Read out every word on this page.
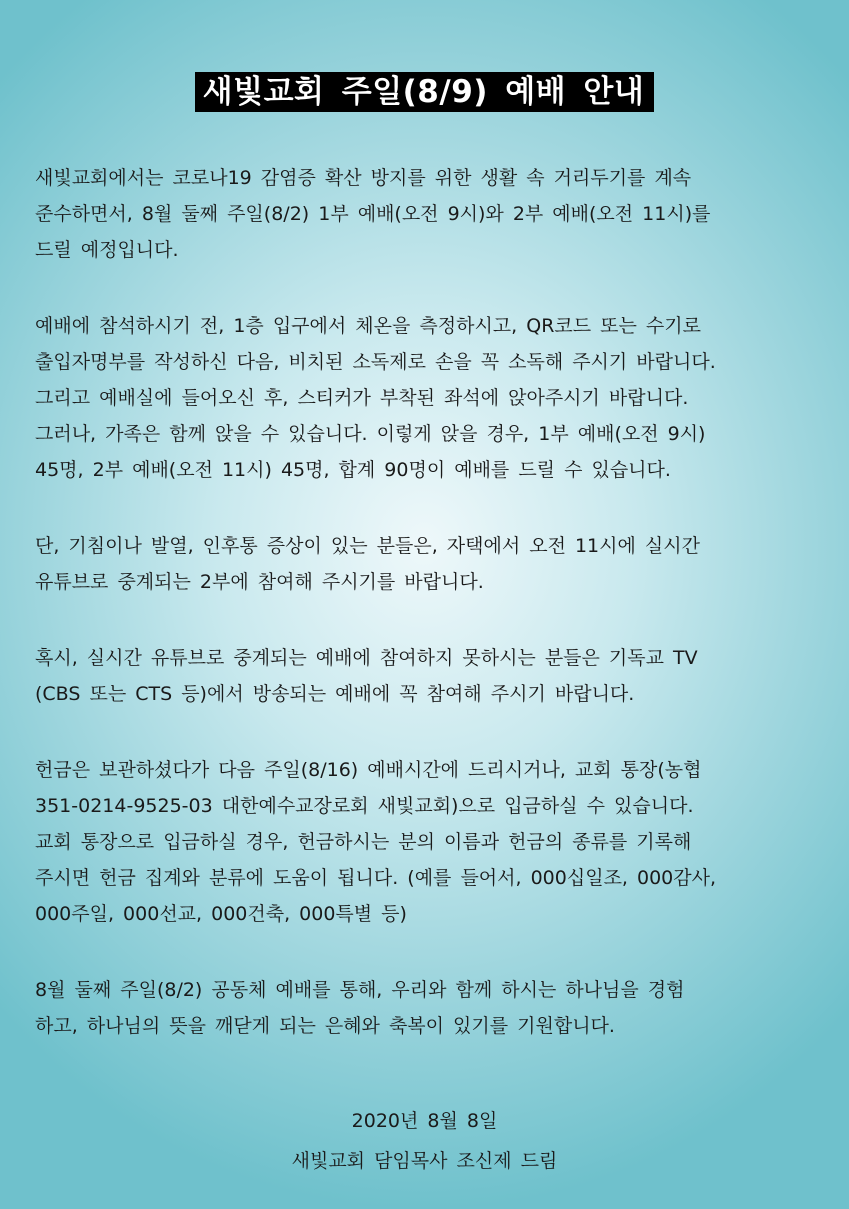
새빛교회 주일(8/9) 예배 안내
새빛교회에서는 코로나19 감염증 확산 방지를 위한 생활 속 거리두기를 계속
준수하면서, 8월 둘째 주일(8/2) 1부 예배(오전 9시)와 2부 예배(오전 11시)를
드릴 예정입니다.
예배에 참석하시기 전, 1층 입구에서 체온을 측정하시고, QR코드 또는 수기로
출입자명부를 작성하신 다음, 비치된 소독제로 손을 꼭 소독해 주시기 바랍니다.
그리고 예배실에 들어오신 후, 스티커가 부착된 좌석에 앉아주시기 바랍니다.
그러나, 가족은 함께 앉을 수 있습니다. 이렇게 앉을 경우, 1부 예배(오전 9시)
45명, 2부 예배(오전 11시) 45명, 합계 90명이 예배를 드릴 수 있습니다.
단, 기침이나 발열, 인후통 증상이 있는 분들은, 자택에서 오전 11시에 실시간
유튜브로 중계되는 2부에 참여해 주시기를 바랍니다.
혹시, 실시간 유튜브로 중계되는 예배에 참여하지 못하시는 분들은 기독교 TV
(CBS 또는 CTS 등)에서 방송되는 예배에 꼭 참여해 주시기 바랍니다.
헌금은 보관하셨다가 다음 주일(8/16) 예배시간에 드리시거나, 교회 통장(농협
351-0214-9525-03 대한예수교장로회 새빛교회)으로 입금하실 수 있습니다.
교회 통장으로 입금하실 경우, 헌금하시는 분의 이름과 헌금의 종류를 기록해
주시면 헌금 집계와 분류에 도움이 됩니다. (예를 들어서, 000십일조, 000감사,
000주일, 000선교, 000건축, 000특별 등)
8월 둘째 주일(8/2) 공동체 예배를 통해, 우리와 함께 하시는 하나님을 경험
하고, 하나님의 뜻을 깨닫게 되는 은혜와 축복이 있기를 기원합니다.
2020년 8월 8일
새빛교회 담임목사 조신제 드림
